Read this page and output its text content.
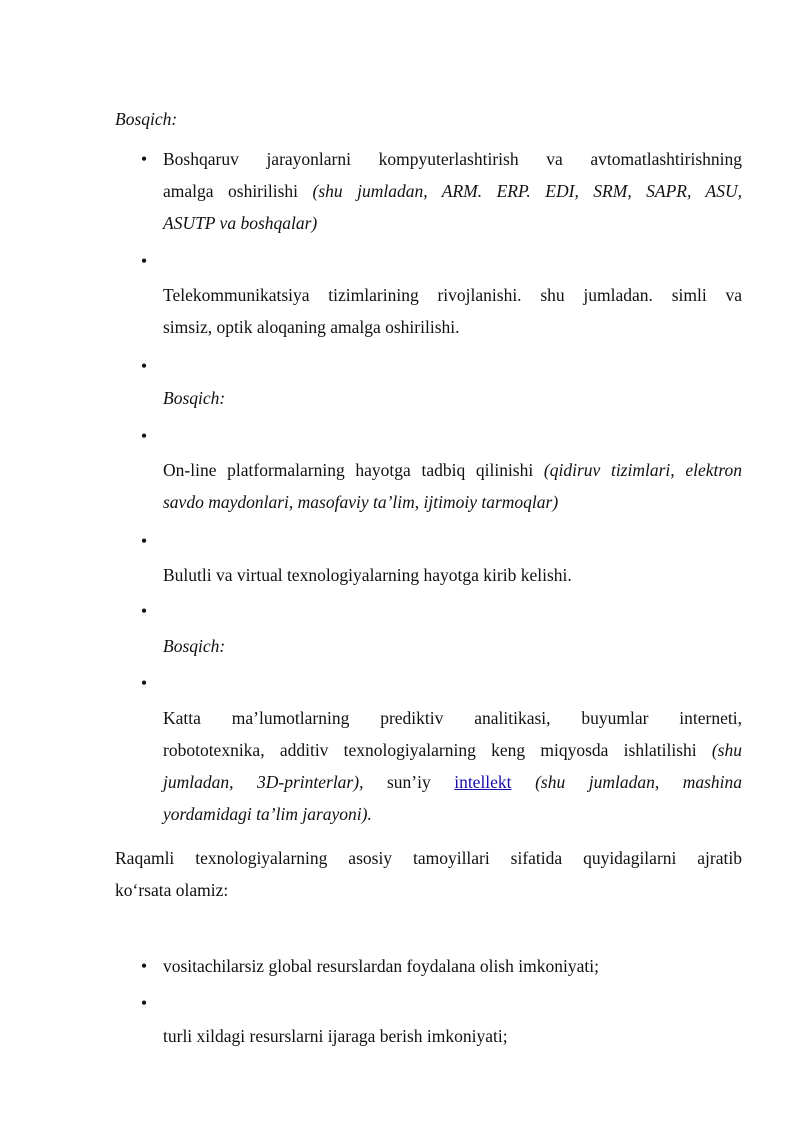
Bosqich:
• Boshqaruv jarayonlarni kompyuterlashtirish va avtomatlashtirishning
amalga oshirilishi (shu jumladan, ARM. ERP. EDI, SRM, SAPR, ASU,
ASUTP va boshqalar)
•
Telekommunikatsiya tizimlarining rivojlanishi. shu jumladan. simli va
simsiz, optik aloqaning amalga oshirilishi.
•
Bosqich:
•
On-line platformalarning hayotga tadbiq qilinishi (qidiruv tizimlari, elektron
savdo maydonlari, masofaviy ta’lim, ijtimoiy tarmoqlar)
•
Bulutli va virtual texnologiyalarning hayotga kirib kelishi.
•
Bosqich:
•
Katta ma’lumotlarning prediktiv analitikasi, buyumlar interneti,
robototexnika, additiv texnologiyalarning keng miqyosda ishlatilishi (shu
jumladan, 3D-printerlar), sun’iy intellekt (shu jumladan, mashina
yordamidagi ta’lim jarayoni).
Raqamli texnologiyalarning asosiy tamoyillari sifatida quyidagilarni ajratib
ko‘rsata olamiz:
• vositachilarsiz global resurslardan foydalana olish imkoniyati;
•
turli xildagi resurslarni ijaraga berish imkoniyati;
